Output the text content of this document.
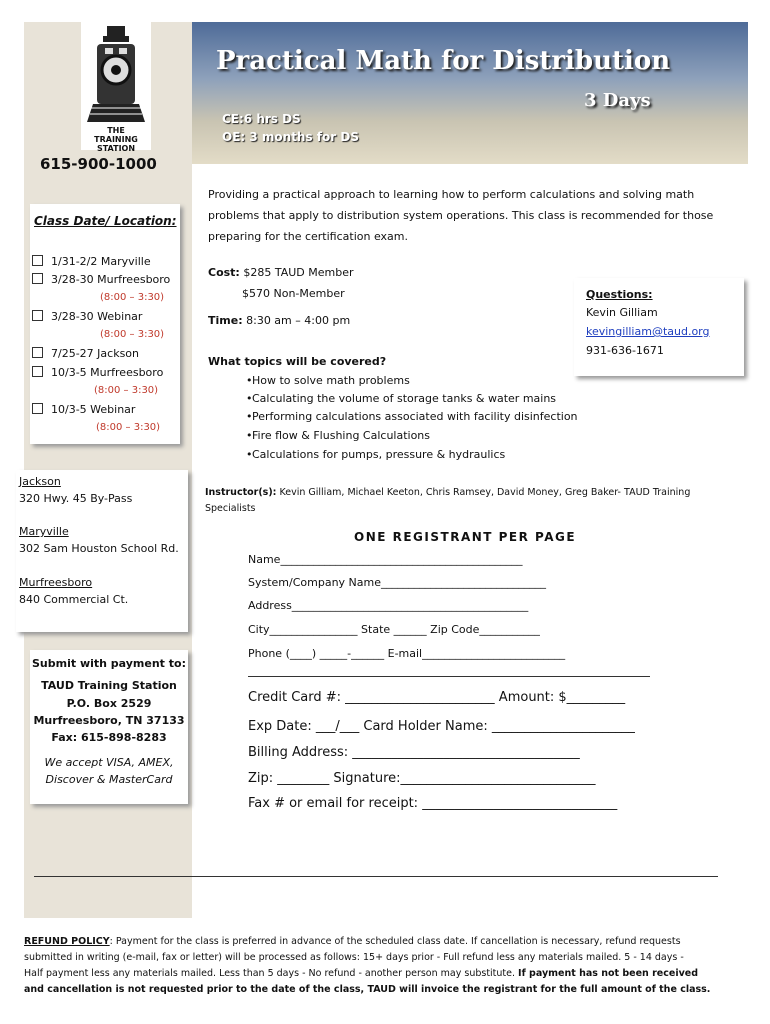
THE TRAINING
STATION
Practical Math for Distribution
3 Days
CE:6 hrs DS
OE: 3 months for DS
615-900-1000
Class Date/ Location:
1/31-2/2 Maryville
3/28-30 Murfreesboro
(8:00 – 3:30)
3/28-30 Webinar
(8:00 – 3:30)
7/25-27 Jackson
10/3-5 Murfreesboro
(8:00 – 3:30)
10/3-5 Webinar
(8:00 – 3:30)
Jackson
320 Hwy. 45 By-Pass
Maryville
302 Sam Houston School Rd.
Murfreesboro
840 Commercial Ct.
Submit with payment to:
TAUD Training Station
P.O. Box 2529
Murfreesboro, TN 37133
Fax: 615-898-8283
We accept VISA, AMEX,
Discover & MasterCard
Providing a practical approach to learning how to perform calculations and solving math
problems that apply to distribution system operations. This class is recommended for those
preparing for the certification exam.
Cost: $285 TAUD Member
$570 Non-Member
Time: 8:30 am – 4:00 pm
Questions:
Kevin Gilliam
kevingilliam@taud.org
931-636-1671
What topics will be covered?
• How to solve math problems
• Calculating the volume of storage tanks & water mains
• Performing calculations associated with facility disinfection
• Fire flow & Flushing Calculations
• Calculations for pumps, pressure & hydraulics
Instructor(s): Kevin Gilliam, Michael Keeton, Chris Ramsey, David Money, Greg Baker- TAUD Training
Specialists
ONE REGISTRANT PER PAGE
Name____________________________________________
System/Company Name______________________________
Address___________________________________________
City________________ State ______ Zip Code___________
Phone (____) _____-______ E-mail__________________________
Credit Card #: _______________________ Amount: $_________
Exp Date: ___/___ Card Holder Name: ______________________
Billing Address: ___________________________________
Zip: ________ Signature:______________________________
Fax # or email for receipt: ______________________________
REFUND POLICY: Payment for the class is preferred in advance of the scheduled class date. If cancellation is necessary, refund requests
submitted in writing (e-mail, fax or letter) will be processed as follows: 15+ days prior - Full refund less any materials mailed. 5 - 14 days -
Half payment less any materials mailed. Less than 5 days - No refund - another person may substitute. If payment has not been received
and cancellation is not requested prior to the date of the class, TAUD will invoice the registrant for the full amount of the class.
